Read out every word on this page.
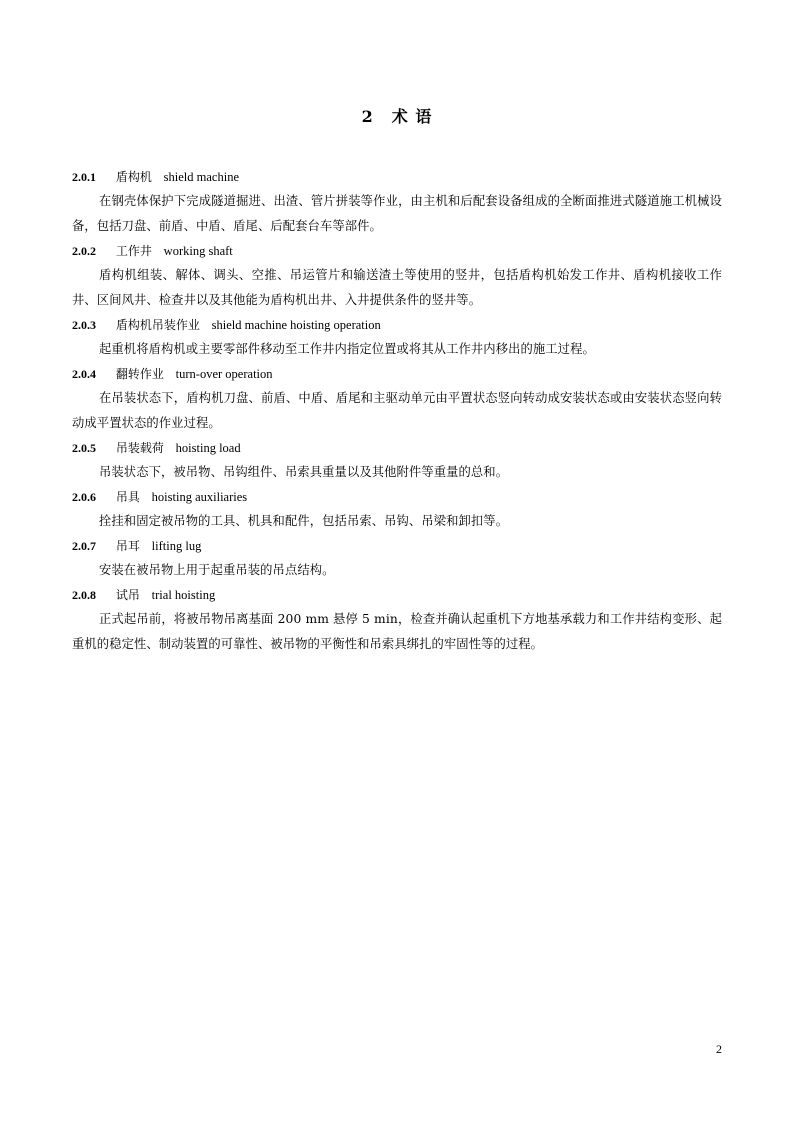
2 术 语
2.0.1 盾构机 shield machine

在钢壳体保护下完成隧道掘进、出渣、管片拼装等作业，由主机和后配套设备组成的全断面推进式隧道施工机械设备，包括刀盘、前盾、中盾、盾尾、后配套台车等部件。

2.0.2 工作井 working shaft

盾构机组装、解体、调头、空推、吊运管片和输送渣土等使用的竖井，包括盾构机始发工作井、盾构机接收工作井、区间风井、检查井以及其他能为盾构机出井、入井提供条件的竖井等。

2.0.3 盾构机吊装作业 shield machine hoisting operation

起重机将盾构机或主要零部件移动至工作井内指定位置或将其从工作井内移出的施工过程。

2.0.4 翻转作业 turn-over operation

在吊装状态下，盾构机刀盘、前盾、中盾、盾尾和主驱动单元由平置状态竖向转动成安装状态或由安装状态竖向转动成平置状态的作业过程。

2.0.5 吊装载荷 hoisting load

吊装状态下，被吊物、吊钩组件、吊索具重量以及其他附件等重量的总和。

2.0.6 吊具 hoisting auxiliaries

拴挂和固定被吊物的工具、机具和配件，包括吊索、吊钩、吊梁和卸扣等。

2.0.7 吊耳 lifting lug

安装在被吊物上用于起重吊装的吊点结构。

2.0.8 试吊 trial hoisting

正式起吊前，将被吊物吊离基面 200 mm 悬停 5 min，检查并确认起重机下方地基承载力和工作井结构变形、起重机的稳定性、制动装置的可靠性、被吊物的平衡性和吊索具绑扎的牢固性等的过程。

2
